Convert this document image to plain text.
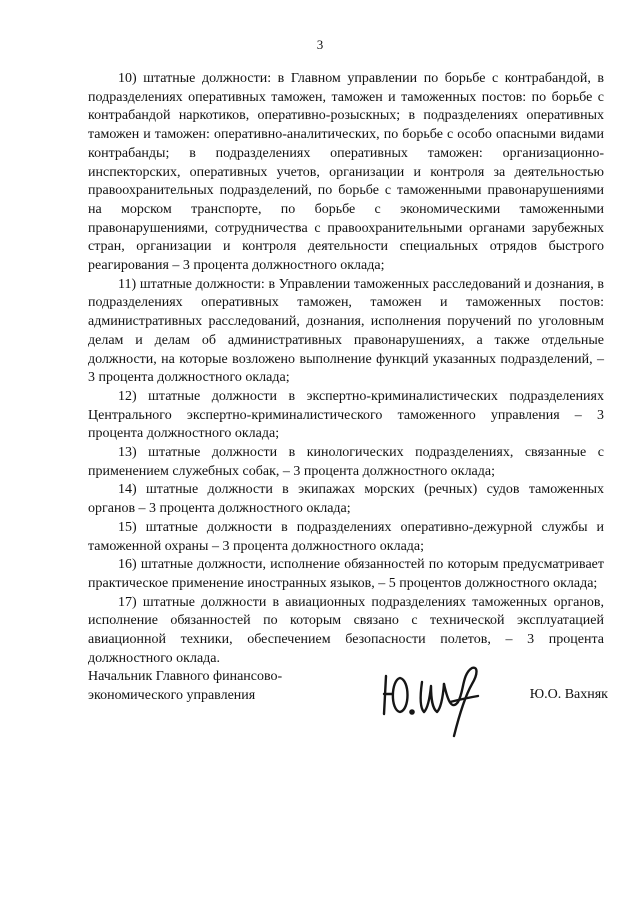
3

10) штатные должности: в Главном управлении по борьбе с контрабандой, в подразделениях оперативных таможен, таможен и таможенных постов: по борьбе с контрабандой наркотиков, оперативно-розыскных; в подразделениях оперативных таможен и таможен: оперативно-аналитических, по борьбе с особо опасными видами контрабанды; в подразделениях оперативных таможен: организационно-инспекторских, оперативных учетов, организации и контроля за деятельностью правоохранительных подразделений, по борьбе с таможенными правонарушениями на морском транспорте, по борьбе с экономическими таможенными правонарушениями, сотрудничества с правоохранительными органами зарубежных стран, организации и контроля деятельности специальных отрядов быстрого реагирования – 3 процента должностного оклада;

11) штатные должности: в Управлении таможенных расследований и дознания, в подразделениях оперативных таможен, таможен и таможенных постов: административных расследований, дознания, исполнения поручений по уголовным делам и делам об административных правонарушениях, а также отдельные должности, на которые возложено выполнение функций указанных подразделений, – 3 процента должностного оклада;

12) штатные должности в экспертно-криминалистических подразделениях Центрального экспертно-криминалистического таможенного управления – 3 процента должностного оклада;

13) штатные должности в кинологических подразделениях, связанные с применением служебных собак, – 3 процента должностного оклада;

14) штатные должности в экипажах морских (речных) судов таможенных органов – 3 процента должностного оклада;

15) штатные должности в подразделениях оперативно-дежурной службы и таможенной охраны – 3 процента должностного оклада;

16) штатные должности, исполнение обязанностей по которым предусматривает практическое применение иностранных языков, – 5 процентов должностного оклада;

17) штатные должности в авиационных подразделениях таможенных органов, исполнение обязанностей по которым связано с технической эксплуатацией авиационной техники, обеспечением безопасности полетов, – 3 процента должностного оклада.

Начальник Главного финансово-
экономического управления	Ю.О. Вахняк
